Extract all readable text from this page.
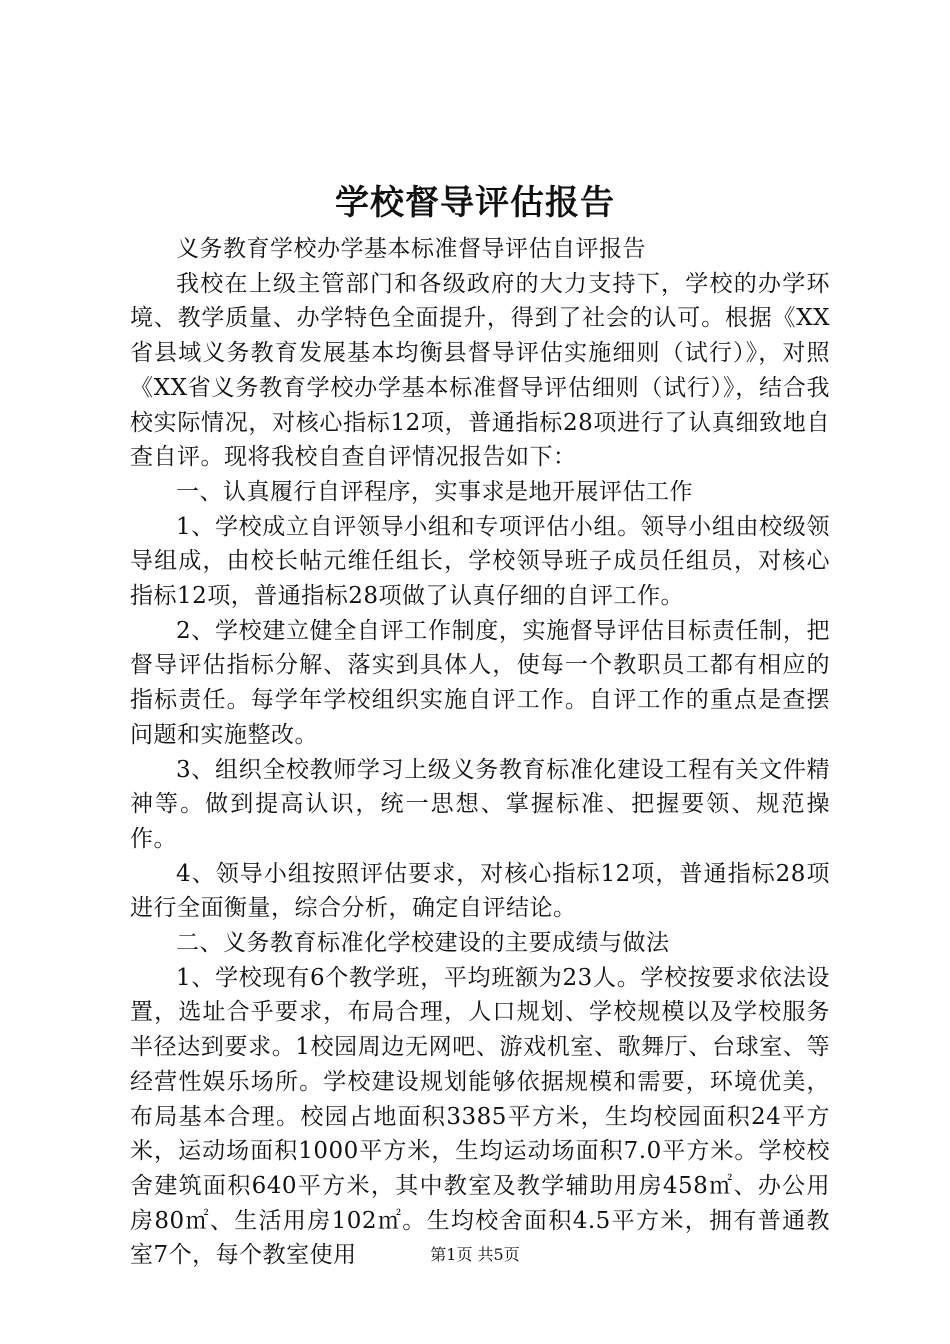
学校督导评估报告

义务教育学校办学基本标准督导评估自评报告

我校在上级主管部门和各级政府的大力支持下，学校的办学环境、教学质量、办学特色全面提升，得到了社会的认可。根据《XX省县域义务教育发展基本均衡县督导评估实施细则（试行）》，对照《XX省义务教育学校办学基本标准督导评估细则（试行）》，结合我校实际情况，对核心指标12项，普通指标28项进行了认真细致地自查自评。现将我校自查自评情况报告如下：

一、认真履行自评程序，实事求是地开展评估工作

1、学校成立自评领导小组和专项评估小组。领导小组由校级领导组成，由校长帖元维任组长，学校领导班子成员任组员，对核心指标12项，普通指标28项做了认真仔细的自评工作。

2、学校建立健全自评工作制度，实施督导评估目标责任制，把督导评估指标分解、落实到具体人，使每一个教职员工都有相应的指标责任。每学年学校组织实施自评工作。自评工作的重点是查摆问题和实施整改。

3、组织全校教师学习上级义务教育标准化建设工程有关文件精神等。做到提高认识，统一思想、掌握标准、把握要领、规范操作。

4、领导小组按照评估要求，对核心指标12项，普通指标28项进行全面衡量，综合分析，确定自评结论。

二、义务教育标准化学校建设的主要成绩与做法

1、学校现有6个教学班，平均班额为23人。学校按要求依法设置，选址合乎要求，布局合理，人口规划、学校规模以及学校服务半径达到要求。1校园周边无网吧、游戏机室、歌舞厅、台球室、等经营性娱乐场所。学校建设规划能够依据规模和需要，环境优美，布局基本合理。校园占地面积3385平方米，生均校园面积24平方米，运动场面积1000平方米，生均运动场面积7.0平方米。学校校舍建筑面积640平方米，其中教室及教学辅助用房458㎡、办公用房80㎡、生活用房102㎡。生均校舍面积4.5平方米，拥有普通教室7个，每个教室使用	第1页 共5页
